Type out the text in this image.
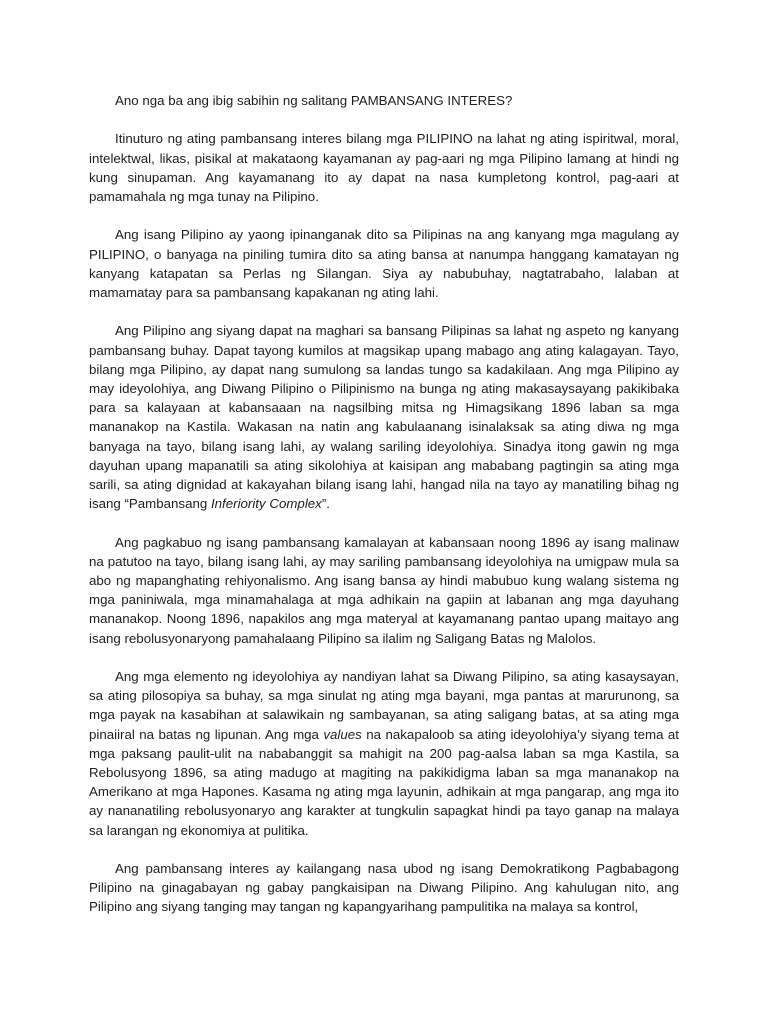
Ano nga ba ang ibig sabihin ng salitang PAMBANSANG INTERES?

Itinuturo ng ating pambansang interes bilang mga PILIPINO na lahat ng ating ispiritwal, moral, intelektwal, likas, pisikal at makataong kayamanan ay pag-aari ng mga Pilipino lamang at hindi ng kung sinupaman. Ang kayamanang ito ay dapat na nasa kumpletong kontrol, pag-aari at pamamahala ng mga tunay na Pilipino.

Ang isang Pilipino ay yaong ipinanganak dito sa Pilipinas na ang kanyang mga magulang ay PILIPINO, o banyaga na piniling tumira dito sa ating bansa at nanumpa hanggang kamatayan ng kanyang katapatan sa Perlas ng Silangan. Siya ay nabubuhay, nagtatrabaho, lalaban at mamamatay para sa pambansang kapakanan ng ating lahi.

Ang Pilipino ang siyang dapat na maghari sa bansang Pilipinas sa lahat ng aspeto ng kanyang pambansang buhay. Dapat tayong kumilos at magsikap upang mabago ang ating kalagayan. Tayo, bilang mga Pilipino, ay dapat nang sumulong sa landas tungo sa kadakilaan. Ang mga Pilipino ay may ideyolohiya, ang Diwang Pilipino o Pilipinismo na bunga ng ating makasaysayang pakikibaka para sa kalayaan at kabansaaan na nagsilbing mitsa ng Himagsikang 1896 laban sa mga mananakop na Kastila. Wakasan na natin ang kabulaanang isinalaksak sa ating diwa ng mga banyaga na tayo, bilang isang lahi, ay walang sariling ideyolohiya. Sinadya itong gawin ng mga dayuhan upang mapanatili sa ating sikolohiya at kaisipan ang mababang pagtingin sa ating mga sarili, sa ating dignidad at kakayahan bilang isang lahi, hangad nila na tayo ay manatiling bihag ng isang “Pambansang Inferiority Complex”.

Ang pagkabuo ng isang pambansang kamalayan at kabansaan noong 1896 ay isang malinaw na patutoo na tayo, bilang isang lahi, ay may sariling pambansang ideyolohiya na umigpaw mula sa abo ng mapanghating rehiyonalismo. Ang isang bansa ay hindi mabubuo kung walang sistema ng mga paniniwala, mga minamahalaga at mga adhikain na gapiin at labanan ang mga dayuhang mananakop. Noong 1896, napakilos ang mga materyal at kayamanang pantao upang maitayo ang isang rebolusyonaryong pamahalaang Pilipino sa ilalim ng Saligang Batas ng Malolos.

Ang mga elemento ng ideyolohiya ay nandiyan lahat sa Diwang Pilipino, sa ating kasaysayan, sa ating pilosopiya sa buhay, sa mga sinulat ng ating mga bayani, mga pantas at marurunong, sa mga payak na kasabihan at salawikain ng sambayanan, sa ating saligang batas, at sa ating mga pinaiiral na batas ng lipunan. Ang mga values na nakapaloob sa ating ideyolohiya’y siyang tema at mga paksang paulit-ulit na nababanggit sa mahigit na 200 pag-aalsa laban sa mga Kastila, sa Rebolusyong 1896, sa ating madugo at magiting na pakikidigma laban sa mga mananakop na Amerikano at mga Hapones. Kasama ng ating mga layunin, adhikain at mga pangarap, ang mga ito ay nananatiling rebolusyonaryo ang karakter at tungkulin sapagkat hindi pa tayo ganap na malaya sa larangan ng ekonomiya at pulitika.

Ang pambansang interes ay kailangang nasa ubod ng isang Demokratikong Pagbabagong Pilipino na ginagabayan ng gabay pangkaisipan na Diwang Pilipino. Ang kahulugan nito, ang Pilipino ang siyang tanging may tangan ng kapangyarihang pampulitika na malaya sa kontrol,
